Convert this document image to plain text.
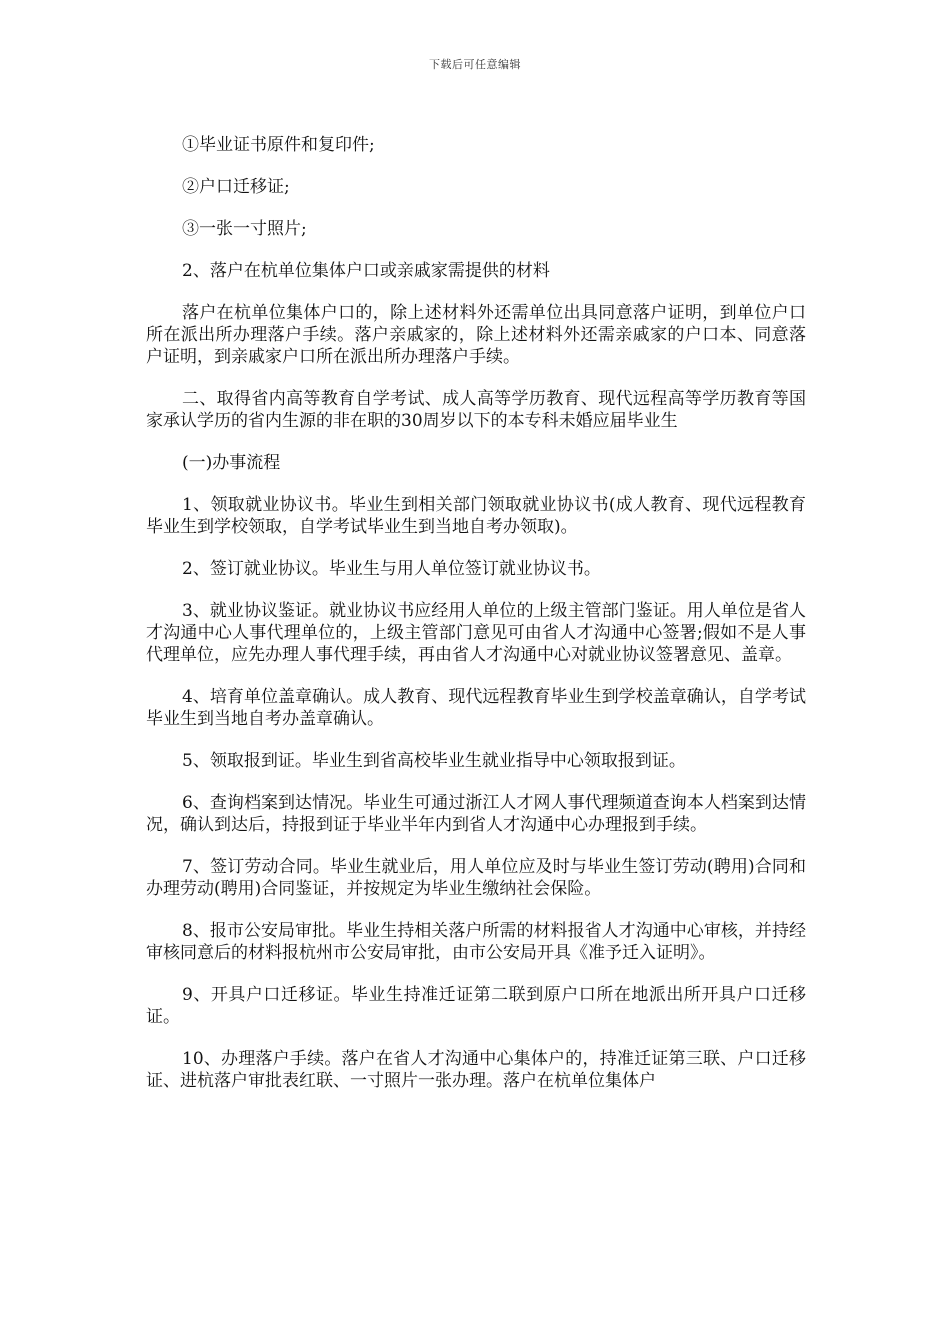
下载后可任意编辑

①毕业证书原件和复印件;

②户口迁移证;

③一张一寸照片;

2、落户在杭单位集体户口或亲戚家需提供的材料

落户在杭单位集体户口的，除上述材料外还需单位出具同意落户证明，到单位户口所在派出所办理落户手续。落户亲戚家的，除上述材料外还需亲戚家的户口本、同意落户证明，到亲戚家户口所在派出所办理落户手续。

二、取得省内高等教育自学考试、成人高等学历教育、现代远程高等学历教育等国家承认学历的省内生源的非在职的30周岁以下的本专科未婚应届毕业生

(一)办事流程

1、领取就业协议书。毕业生到相关部门领取就业协议书(成人教育、现代远程教育毕业生到学校领取，自学考试毕业生到当地自考办领取)。

2、签订就业协议。毕业生与用人单位签订就业协议书。

3、就业协议鉴证。就业协议书应经用人单位的上级主管部门鉴证。用人单位是省人才沟通中心人事代理单位的，上级主管部门意见可由省人才沟通中心签署;假如不是人事代理单位，应先办理人事代理手续，再由省人才沟通中心对就业协议签署意见、盖章。

4、培育单位盖章确认。成人教育、现代远程教育毕业生到学校盖章确认，自学考试毕业生到当地自考办盖章确认。

5、领取报到证。毕业生到省高校毕业生就业指导中心领取报到证。

6、查询档案到达情况。毕业生可通过浙江人才网人事代理频道查询本人档案到达情况，确认到达后，持报到证于毕业半年内到省人才沟通中心办理报到手续。

7、签订劳动合同。毕业生就业后，用人单位应及时与毕业生签订劳动(聘用)合同和办理劳动(聘用)合同鉴证，并按规定为毕业生缴纳社会保险。

8、报市公安局审批。毕业生持相关落户所需的材料报省人才沟通中心审核，并持经审核同意后的材料报杭州市公安局审批，由市公安局开具《准予迁入证明》。

9、开具户口迁移证。毕业生持准迁证第二联到原户口所在地派出所开具户口迁移证。

10、办理落户手续。落户在省人才沟通中心集体户的，持准迁证第三联、户口迁移证、进杭落户审批表红联、一寸照片一张办理。落户在杭单位集体户
